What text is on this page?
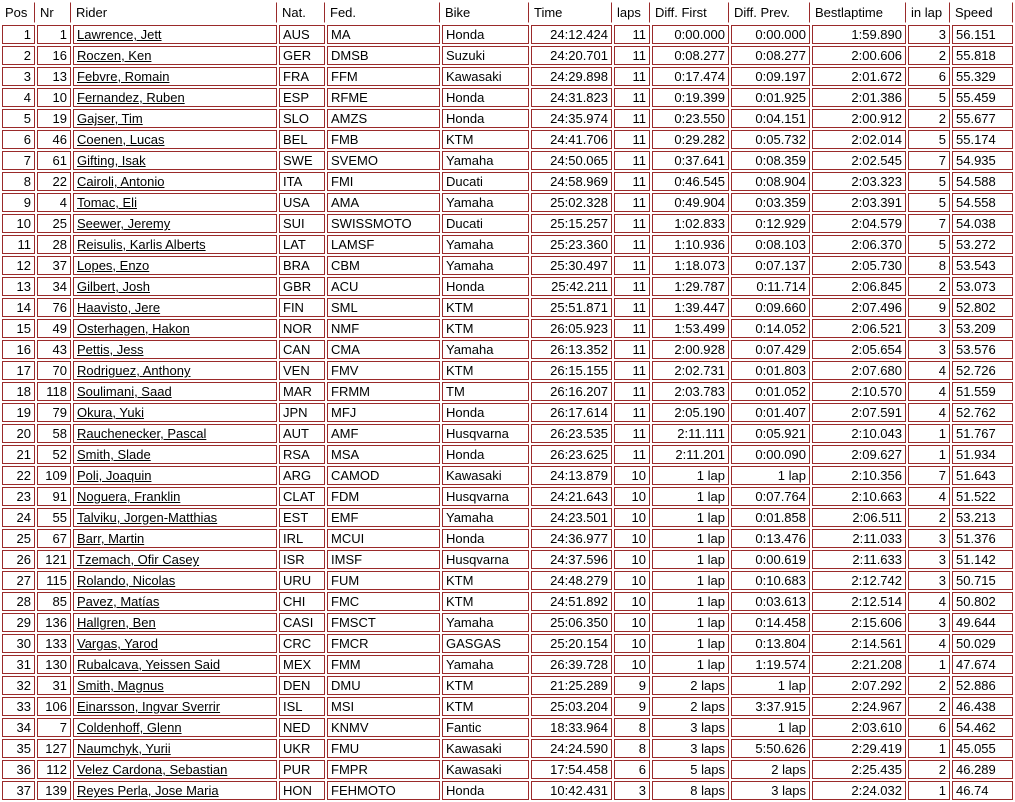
Pos	Nr	Rider	Nat.	Fed.	Bike	Time	laps	Diff. First	Diff. Prev.	Bestlaptime	in lap	Speed
1	1	Lawrence, Jett	AUS	MA	Honda	24:12.424	11	0:00.000	0:00.000	1:59.890	3	56.151
2	16	Roczen, Ken	GER	DMSB	Suzuki	24:20.701	11	0:08.277	0:08.277	2:00.606	2	55.818
3	13	Febvre, Romain	FRA	FFM	Kawasaki	24:29.898	11	0:17.474	0:09.197	2:01.672	6	55.329
4	10	Fernandez, Ruben	ESP	RFME	Honda	24:31.823	11	0:19.399	0:01.925	2:01.386	5	55.459
5	19	Gajser, Tim	SLO	AMZS	Honda	24:35.974	11	0:23.550	0:04.151	2:00.912	2	55.677
6	46	Coenen, Lucas	BEL	FMB	KTM	24:41.706	11	0:29.282	0:05.732	2:02.014	5	55.174
7	61	Gifting, Isak	SWE	SVEMO	Yamaha	24:50.065	11	0:37.641	0:08.359	2:02.545	7	54.935
8	22	Cairoli, Antonio	ITA	FMI	Ducati	24:58.969	11	0:46.545	0:08.904	2:03.323	5	54.588
9	4	Tomac, Eli	USA	AMA	Yamaha	25:02.328	11	0:49.904	0:03.359	2:03.391	5	54.558
10	25	Seewer, Jeremy	SUI	SWISSMOTO	Ducati	25:15.257	11	1:02.833	0:12.929	2:04.579	7	54.038
11	28	Reisulis, Karlis Alberts	LAT	LAMSF	Yamaha	25:23.360	11	1:10.936	0:08.103	2:06.370	5	53.272
12	37	Lopes, Enzo	BRA	CBM	Yamaha	25:30.497	11	1:18.073	0:07.137	2:05.730	8	53.543
13	34	Gilbert, Josh	GBR	ACU	Honda	25:42.211	11	1:29.787	0:11.714	2:06.845	2	53.073
14	76	Haavisto, Jere	FIN	SML	KTM	25:51.871	11	1:39.447	0:09.660	2:07.496	9	52.802
15	49	Osterhagen, Hakon	NOR	NMF	KTM	26:05.923	11	1:53.499	0:14.052	2:06.521	3	53.209
16	43	Pettis, Jess	CAN	CMA	Yamaha	26:13.352	11	2:00.928	0:07.429	2:05.654	3	53.576
17	70	Rodriguez, Anthony	VEN	FMV	KTM	26:15.155	11	2:02.731	0:01.803	2:07.680	4	52.726
18	118	Soulimani, Saad	MAR	FRMM	TM	26:16.207	11	2:03.783	0:01.052	2:10.570	4	51.559
19	79	Okura, Yuki	JPN	MFJ	Honda	26:17.614	11	2:05.190	0:01.407	2:07.591	4	52.762
20	58	Rauchenecker, Pascal	AUT	AMF	Husqvarna	26:23.535	11	2:11.111	0:05.921	2:10.043	1	51.767
21	52	Smith, Slade	RSA	MSA	Honda	26:23.625	11	2:11.201	0:00.090	2:09.627	1	51.934
22	109	Poli, Joaquin	ARG	CAMOD	Kawasaki	24:13.879	10	1 lap	1 lap	2:10.356	7	51.643
23	91	Noguera, Franklin	CLAT	FDM	Husqvarna	24:21.643	10	1 lap	0:07.764	2:10.663	4	51.522
24	55	Talviku, Jorgen-Matthias	EST	EMF	Yamaha	24:23.501	10	1 lap	0:01.858	2:06.511	2	53.213
25	67	Barr, Martin	IRL	MCUI	Honda	24:36.977	10	1 lap	0:13.476	2:11.033	3	51.376
26	121	Tzemach, Ofir Casey	ISR	IMSF	Husqvarna	24:37.596	10	1 lap	0:00.619	2:11.633	3	51.142
27	115	Rolando, Nicolas	URU	FUM	KTM	24:48.279	10	1 lap	0:10.683	2:12.742	3	50.715
28	85	Pavez, Matías	CHI	FMC	KTM	24:51.892	10	1 lap	0:03.613	2:12.514	4	50.802
29	136	Hallgren, Ben	CASI	FMSCT	Yamaha	25:06.350	10	1 lap	0:14.458	2:15.606	3	49.644
30	133	Vargas, Yarod	CRC	FMCR	GASGAS	25:20.154	10	1 lap	0:13.804	2:14.561	4	50.029
31	130	Rubalcava, Yeissen Said	MEX	FMM	Yamaha	26:39.728	10	1 lap	1:19.574	2:21.208	1	47.674
32	31	Smith, Magnus	DEN	DMU	KTM	21:25.289	9	2 laps	1 lap	2:07.292	2	52.886
33	106	Einarsson, Ingvar Sverrir	ISL	MSI	KTM	25:03.204	9	2 laps	3:37.915	2:24.967	2	46.438
34	7	Coldenhoff, Glenn	NED	KNMV	Fantic	18:33.964	8	3 laps	1 lap	2:03.610	6	54.462
35	127	Naumchyk, Yurii	UKR	FMU	Kawasaki	24:24.590	8	3 laps	5:50.626	2:29.419	1	45.055
36	112	Velez Cardona, Sebastian	PUR	FMPR	Kawasaki	17:54.458	6	5 laps	2 laps	2:25.435	2	46.289
37	139	Reyes Perla, Jose Maria	HON	FEHMOTO	Honda	10:42.431	3	8 laps	3 laps	2:24.032	1	46.74
